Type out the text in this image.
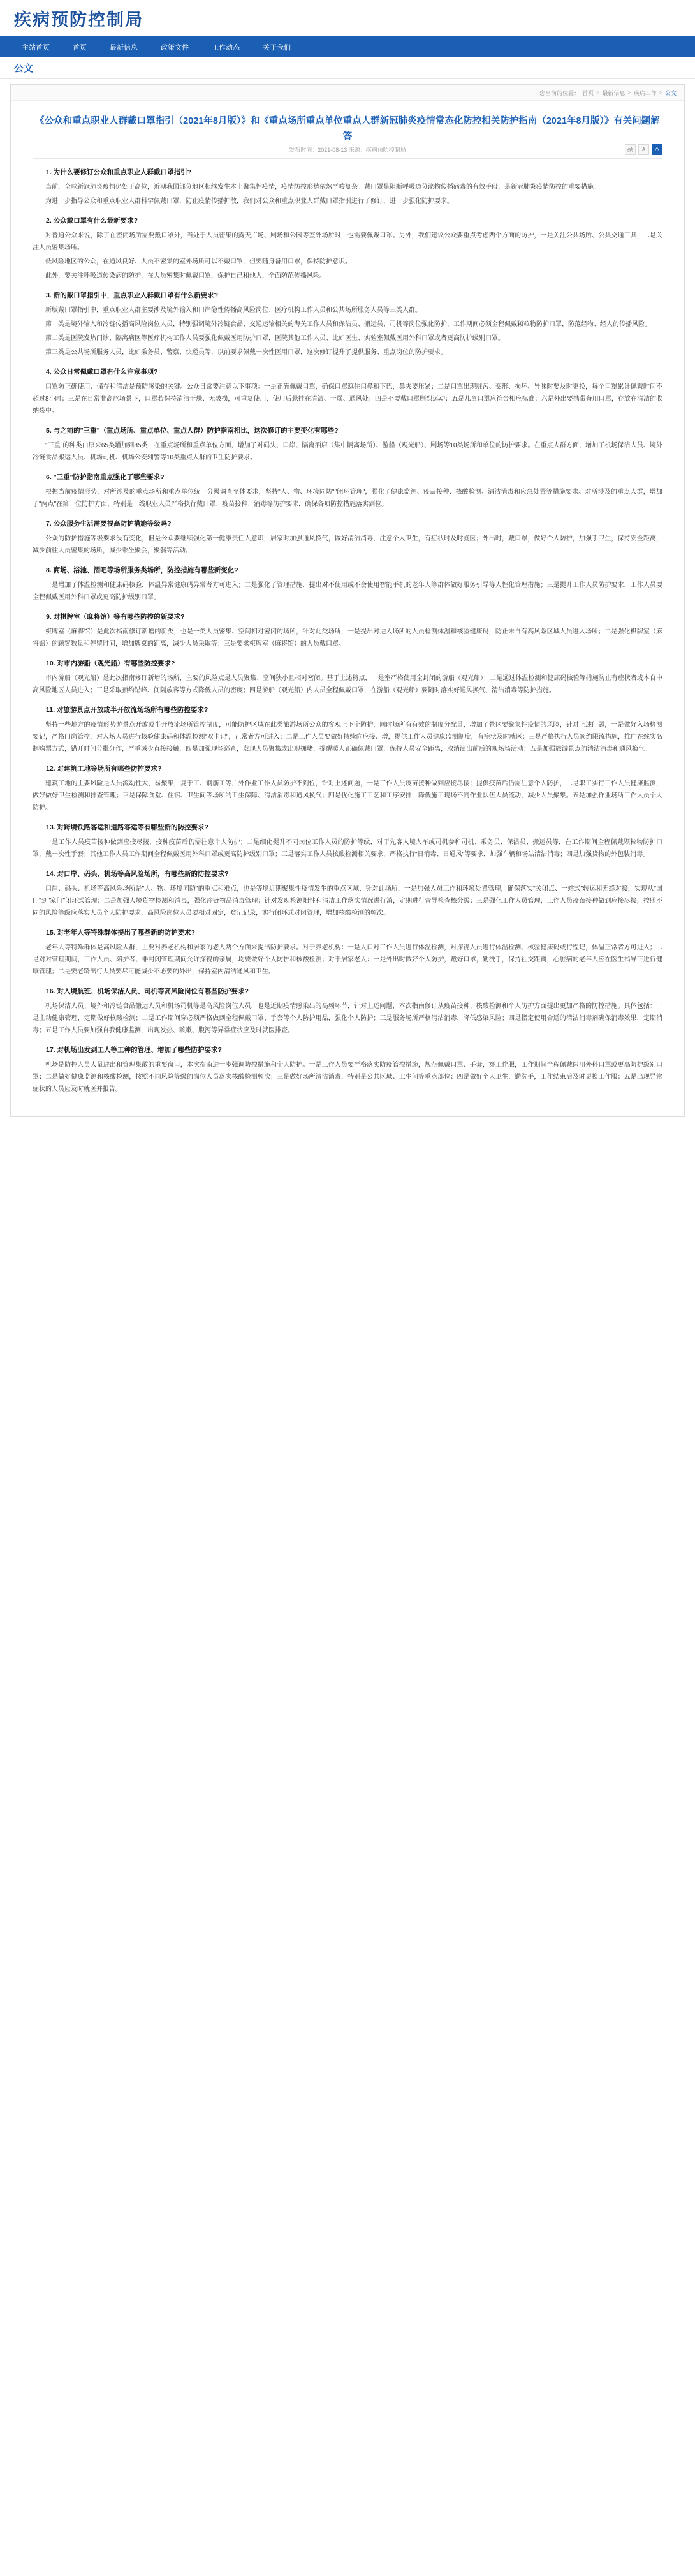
疾病预防控制局
主站首页	首页	最新信息	政策文件	工作动态	关于我们
公文
您当前的位置： 首页 > 最新信息 > 疾病工作 > 公文
《公众和重点职业人群戴口罩指引（2021年8月版）》和《重点场所重点单位重点人群新冠肺炎疫情常态化防控相关防护指南（2021年8月版）》有关问题解答
发布时间：2021-08-13 来源：疾病预防控制局	🖨	A	♺
1. 为什么要修订公众和重点职业人群戴口罩指引?

当前，全球新冠肺炎疫情仍处于高位，近期我国部分地区相继发生本土聚集性疫情，疫情防控形势依然严峻复杂。戴口罩是阻断呼吸道分泌物传播病毒的有效手段，是新冠肺炎疫情防控的重要措施。

为进一步指导公众和重点职业人群科学佩戴口罩，防止疫情传播扩散，我们对公众和重点职业人群戴口罩指引进行了修订，进一步强化防护要求。

2. 公众戴口罩有什么最新要求?

对普通公众来说，除了在密闭场所需要戴口罩外，当处于人员密集的露天广场、剧场和公园等室外场所时，也需要佩戴口罩。另外，我们建议公众要重点考虑两个方面的防护，一是关注公共场所、公共交通工具，二是关注人员密集场所。

低风险地区的公众，在通风良好、人员不密集的室外场所可以不戴口罩，但要随身备用口罩，保持防护意识。

此外，要关注呼吸道传染病的防护，在人员密集时佩戴口罩，保护自己和他人，全面防范传播风险。

3. 新的戴口罩指引中，重点职业人群戴口罩有什么新要求?

新版戴口罩指引中，重点职业人群主要涉及境外输入和口岸隐性传播高风险岗位、医疗机构工作人员和公共场所服务人员等三类人群。

第一类是境外输入和冷链传播高风险岗位人员，特别强调境外冷链食品、交通运输相关的海关工作人员和保洁员、搬运员、司机等岗位强化防护，工作期间必须全程佩戴颗粒物防护口罩，防范经物、经人的传播风险。

第二类是医院发热门诊、隔离病区等医疗机构工作人员要强化佩戴医用防护口罩，医院其他工作人员、比如医生、实验室佩戴医用外科口罩或者更高防护级别口罩。

第三类是公共场所服务人员，比如乘务员、警察、快递员等，以前要求佩戴一次性医用口罩，这次修订提升了提供服务、重点岗位的防护要求。

4. 公众日常佩戴口罩有什么注意事项?

口罩防正确使用、储存和清洁是预防感染的关键。公众日常要注意以下事项：一是正确佩戴口罩，确保口罩遮住口鼻和下巴，鼻夹要压紧；二是口罩出现脏污、变形、损坏、异味时要及时更换，每个口罩累计佩戴时间不超过8小时；三是在日常非高危场景下，口罩若保持清洁干燥、无破损，可重复使用，使用后悬挂在清洁、干燥、通风处；四是不要戴口罩剧烈运动；五是儿童口罩应符合相应标准；六是外出要携带备用口罩，存放在清洁的收纳袋中。

5. 与之前的"三重"（重点场所、重点单位、重点人群）防护指南相比，这次修订的主要变化有哪些?

"三重"的种类由原来65类增加到85类，在重点场所和重点单位方面，增加了对码头、口岸、隔离酒店（集中隔离场所）、游船（观光船）、剧场等10类场所和单位的防护要求。在重点人群方面，增加了机场保洁人员、境外冷链食品搬运人员、机场司机、机场公安辅警等10类重点人群的卫生防护要求。

6. "三重"防护指南重点强化了哪些要求?

根据当前疫情形势，对所涉及的重点场所和重点单位统一分级调查至体要求，坚持"人、物、环境同防""闭环管理"，强化了健康监测、疫苗接种、核酸检测、清洁消毒和应急处置等措施要求。对所涉及的重点人群，增加了"两点"在第一位防护方面，特别是一线职业人员严格执行戴口罩、疫苗接种、消毒等防护要求，确保各项防控措施落实到位。

7. 公众服务生活需要提高防护措施等级吗?

公众的防护措施等级要求没有变化，但是公众要继续强化第一健康责任人意识，居家时加强通风换气，做好清洁消毒，注意个人卫生，有症状时及时就医；外出时，戴口罩，做好个人防护，加强手卫生，保持安全距离，减少前往人员密集的场所，减少乘坐聚会，聚餐等活动。

8. 商场、浴池、酒吧等场所服务类场所，防控措施有哪些新变化?

一是增加了体温检测和健康码核验，体温异常健康码异常者方可进入；二是强化了管理措施，提出对不使用或不会使用智能手机的老年人等群体做好服务引导等人性化管理措施；三是提升工作人员防护要求，工作人员要全程佩戴医用外科口罩或更高防护级别口罩。

9. 对棋牌室（麻将馆）等有哪些防控的新要求?

棋牌室（麻将馆）是此次指南修订新增的新类，也是一类人员密集、空间相对密闭的场所，针对此类场所，一是提出对进入场所的人员检测体温和核验健康码，防止未自有高风险区域人员进入场所；二是强化棋牌室（麻将馆）的顾客数量和停留时间，增加牌桌的距离，减少人员采取等；三是要求棋牌室（麻将馆）的人员戴口罩。

10. 对市内游船（观光船）有哪些防控要求?

市内游船（观光船）是此次指南修订新增的场所，主要的风险点是人员聚集、空间狭小且相对密闭。基于上述特点，一是室严格使用全封闭的游船（观光船）；二是通过体温检测和健康码核验等措施防止有症状者或本自中高风险地区人员进入；三是采取预约错峰、间隔放客等方式降低人员的密度；四是游船（观光船）内人员全程佩戴口罩，在游船（观光船）要随时落实好通风换气、清洁消毒等防护措施。

11. 对旅游景点开放或半开放流场场所有哪些防控要求?

坚持一些地方的疫情形势游景点开放或半开放流场所管控制度，可能防护区域在此类旅游场所公众的客观上下个防护，同时场所有有效的制度分配量，增加了景区要聚集性疫情的风险，针对上述问题，一是做好入场检测要记，严格门岗管控，对入场人员进行核验健康码和体温检测"双卡记"，正常者方可进入；二是工作人员要做好持续向应接、增，提供工作人员健康监测制度，有症状及时就医；三是严格执行人员预约限流措施，推广在线实名制购票方式，错开时间分批分作，严重减少直接接触，四是加强现场巡查，发现人员聚集或出现拥堵，提醒暖人正确佩戴口罩，保持人员安全距离，取消演出前后的现场场活动；五是加强旅游景点的清洁消毒和通风换气。

12. 对建筑工地等场所有哪些防控要求?

建筑工地的主要风险是人员流动性大，易聚集，复于工、钢筋工等户外作业工作人员防护不到位，针对上述问题，一是工作人员疫苗接种做到应接尽接；提供疫苗后仍需注意个人防护，二是职工实行工作人员健康监测，做好做好卫生检测和排查管理；三是保障食堂、住宿、卫生间等场所的卫生保障、清洁消毒和通风换气；四是优化施工工艺和工序安排，降低施工现场不同作业队伍人员流动，减少人员聚集。五是加强作业场所工作人员个人防护。

13. 对跨境铁路客运和道路客运等有哪些新的防控要求?

一是工作人员疫苗接种做到应接尽接，接种疫苗后仍需注意个人防护；二是细化提升不同岗位工作人员的防护等级，对于先客人境人车或司机参和司机、乘务员、保洁员、搬运员等，在工作期间全程佩戴颗粒物防护口罩，戴一次性手套；其他工作人员工作期间全程佩戴医用外科口罩或更高防护级别口罩；三是落实工作人员核酸检测相关要求，严格执行"日消毒、日通风"等要求，加强车辆和场站清洁消毒；四是加强货物的外包装消毒。

14. 对口岸、码头、机场等高风险场所，有哪些新的防控要求?

口岸、码头、机场等高风险场所是"人、物、环境同防"的重点和难点，也是等境近期聚集性疫情发生的重点区域，针对此场所，一是加强人员工作和环境处置管理，确保落实"关闭点、一站式"转运和无缝对接，实现从"国门"到"家门"闭环式管理；二是加强人境货物检测和消毒，强化冷链物品消毒管理；针对发现检测阳性和清洁工作落实情况进行消，定期进行督导检查核分级；三是强化工作人员管理，工作人员疫苗接种做到应接尽接，按照不同的风险等级应落实人员个人防护要求，高风险岗位人员要相对固定，登记记录，实行闭环式对闭管理，增加核酸检测的频次。

15. 对老年人等特殊群体提出了哪些新的防护要求?

老年人等特殊群体是高风险人群，主要对养老机构和居家的老人两个方面来提出防护要求。对于养老机构：一是人口对工作人员进行体温检测，对探视人员进行体温检测、核验健康码或行程记，体温正常者方可进入；二是对对管理期间，工作人员、陪护者、非封闭管理期间允许探视的亲属，均要做好个人防护和核酸检测；对于居家老人：一是外出时做好个人防护，戴好口罩，勤洗手，保持社交距离，心脏病的老年人应在医生指导下进行健康管理；二是要老龄出行人员要尽可能减少不必要的外出，保持室内清洁通风和卫生。

16. 对入境航班、机场保洁人员、司机等高风险岗位有哪些防护要求?

机场保洁人员、境外和冷链食品搬运人员和机场司机等是高风险岗位人员，也是近期疫情感染出的高频环节，针对上述问题，本次指南修订从疫苗接种、核酸检测和个人防护方面提出更加严格的防控措施。具体包括：一是主动健康管理，定期做好核酸检测；二是工作期间穿必须严格做到全程佩戴口罩、手套等个人防护用品，强化个人防护；三是服务场所严格清洁消毒，降低感染风险；四是指定使用合适的清洁消毒剂确保消毒效果，定期消毒；五是工作人员要加强自我健康监测，出现发热、咳嗽、腹泻等异常症状应及时就医排查。

17. 对机场出发到工人等工种的管理、增加了哪些防护要求?

机场是防控人员大量进出和管理集散的重要窗口，本次指南进一步强调防控措施和个人防护。一是工作人员要严格落实防疫管控措施，规范佩戴口罩、手套，穿工作服，工作期间全程佩戴医用外科口罩或更高防护级别口罩；二是做好健康监测和核酸检测，按照不同风险等级的岗位人员落实核酸检测频次；三是做好场所清洁消毒，特别是公共区域、卫生间等重点部位；四是做好个人卫生，勤洗手，工作结束后及时更换工作服；五是出现异常症状的人员应及时就医并报告。
